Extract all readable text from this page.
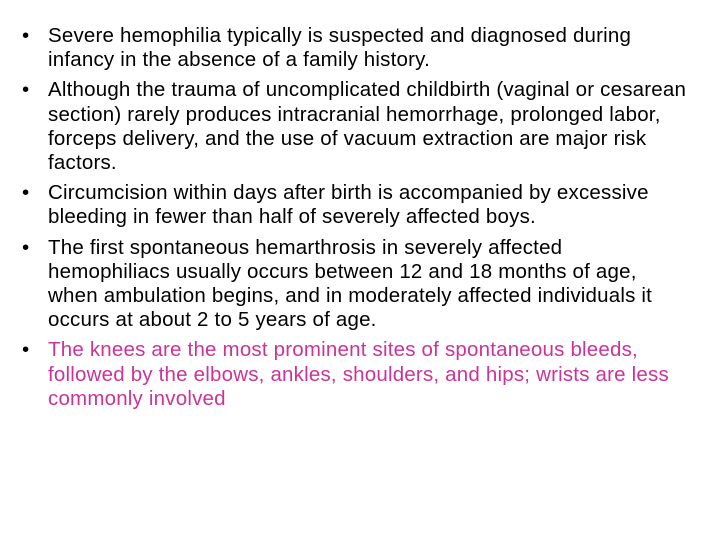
• Severe hemophilia typically is suspected and diagnosed during infancy in the absence of a family history.
• Although the trauma of uncomplicated childbirth (vaginal or cesarean section) rarely produces intracranial hemorrhage, prolonged labor, forceps delivery, and the use of vacuum extraction are major risk factors.
• Circumcision within days after birth is accompanied by excessive bleeding in fewer than half of severely affected boys.
• The first spontaneous hemarthrosis in severely affected hemophiliacs usually occurs between 12 and 18 months of age, when ambulation begins, and in moderately affected individuals it occurs at about 2 to 5 years of age.
• The knees are the most prominent sites of spontaneous bleeds, followed by the elbows, ankles, shoulders, and hips; wrists are less commonly involved
